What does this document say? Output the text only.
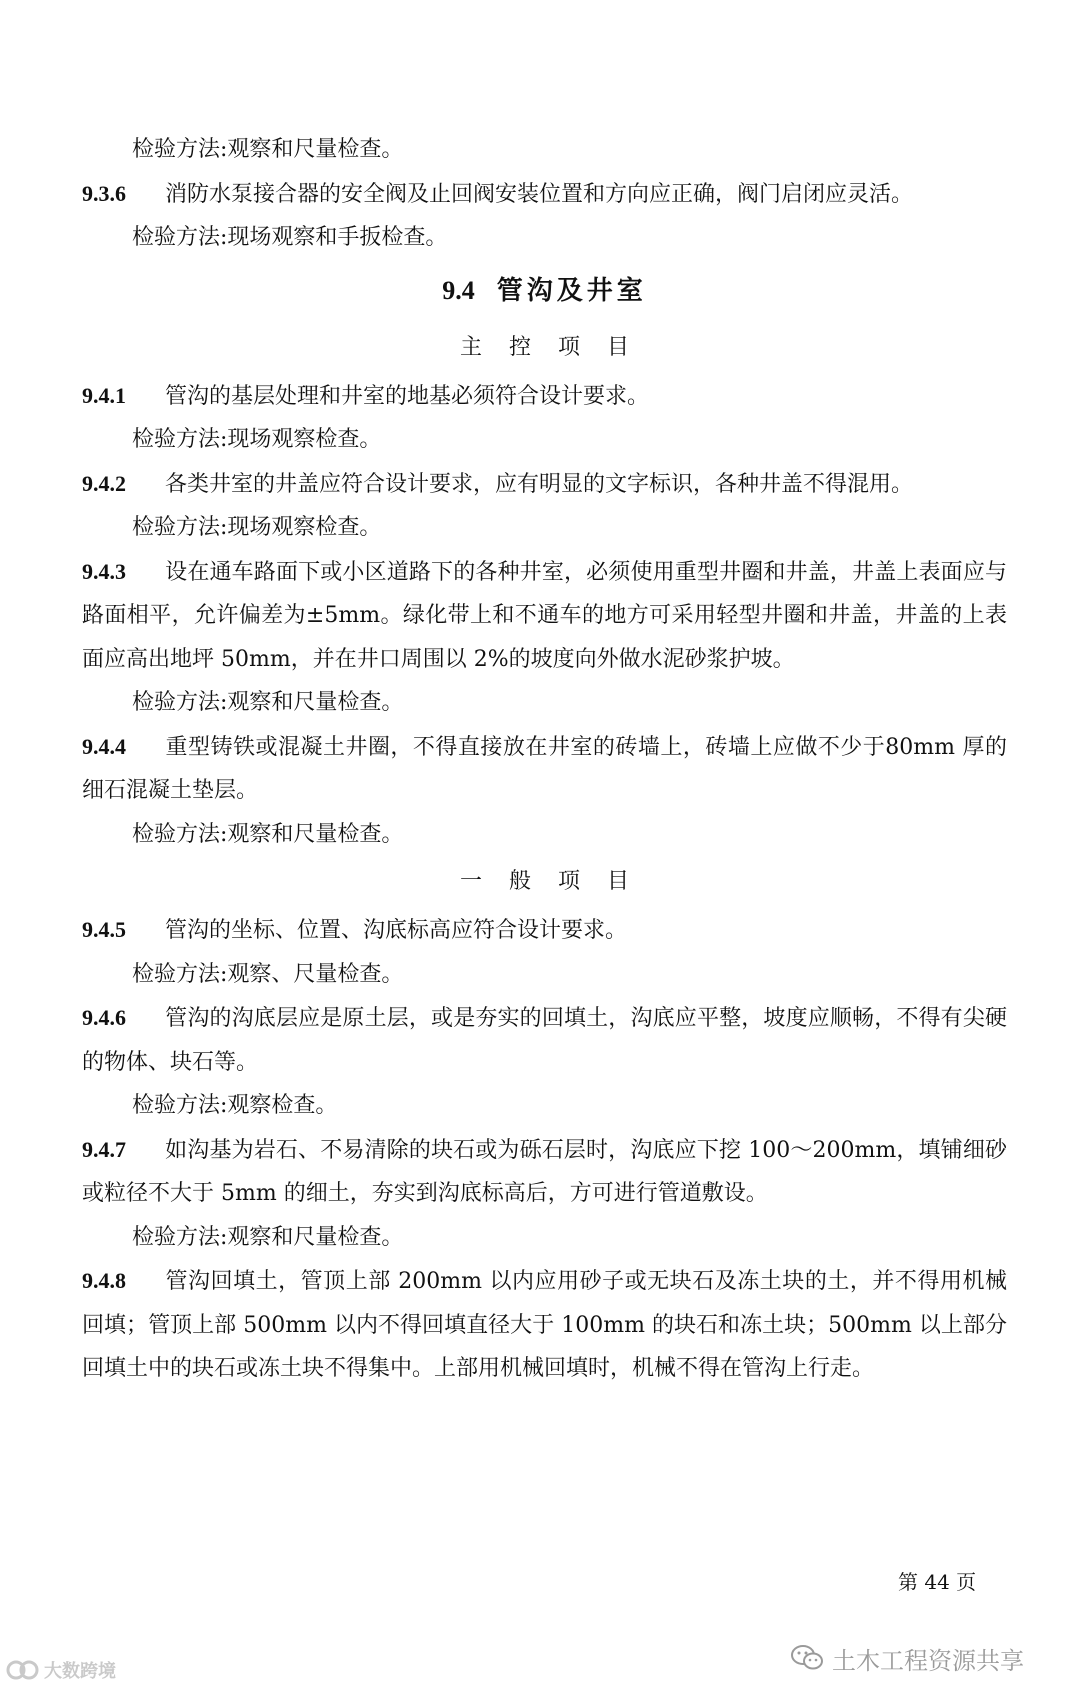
检验方法:观察和尺量检查。

9.3.6 消防水泵接合器的安全阀及止回阀安装位置和方向应正确，阀门启闭应灵活。

检验方法:现场观察和手扳检查。

9.4 管沟及井室

主 控 项 目

9.4.1 管沟的基层处理和井室的地基必须符合设计要求。

检验方法:现场观察检查。

9.4.2 各类井室的井盖应符合设计要求，应有明显的文字标识，各种井盖不得混用。

检验方法:现场观察检查。

9.4.3 设在通车路面下或小区道路下的各种井室，必须使用重型井圈和井盖，井盖上表面应与路面相平，允许偏差为±5mm。绿化带上和不通车的地方可采用轻型井圈和井盖，井盖的上表面应高出地坪 50mm，并在井口周围以 2%的坡度向外做水泥砂浆护坡。

检验方法:观察和尺量检查。

9.4.4 重型铸铁或混凝土井圈，不得直接放在井室的砖墙上，砖墙上应做不少于80mm 厚的细石混凝土垫层。

检验方法:观察和尺量检查。

一 般 项 目

9.4.5 管沟的坐标、位置、沟底标高应符合设计要求。

检验方法:观察、尺量检查。

9.4.6 管沟的沟底层应是原土层，或是夯实的回填土，沟底应平整，坡度应顺畅，不得有尖硬的物体、块石等。

检验方法:观察检查。

9.4.7 如沟基为岩石、不易清除的块石或为砾石层时，沟底应下挖 100～200mm，填铺细砂或粒径不大于 5mm 的细土，夯实到沟底标高后，方可进行管道敷设。

检验方法:观察和尺量检查。

9.4.8 管沟回填土，管顶上部 200mm 以内应用砂子或无块石及冻土块的土，并不得用机械回填；管顶上部 500mm 以内不得回填直径大于 100mm 的块石和冻土块；500mm 以上部分回填土中的块石或冻土块不得集中。上部用机械回填时，机械不得在管沟上行走。

第 44 页
大数跨境	土木工程资源共享
